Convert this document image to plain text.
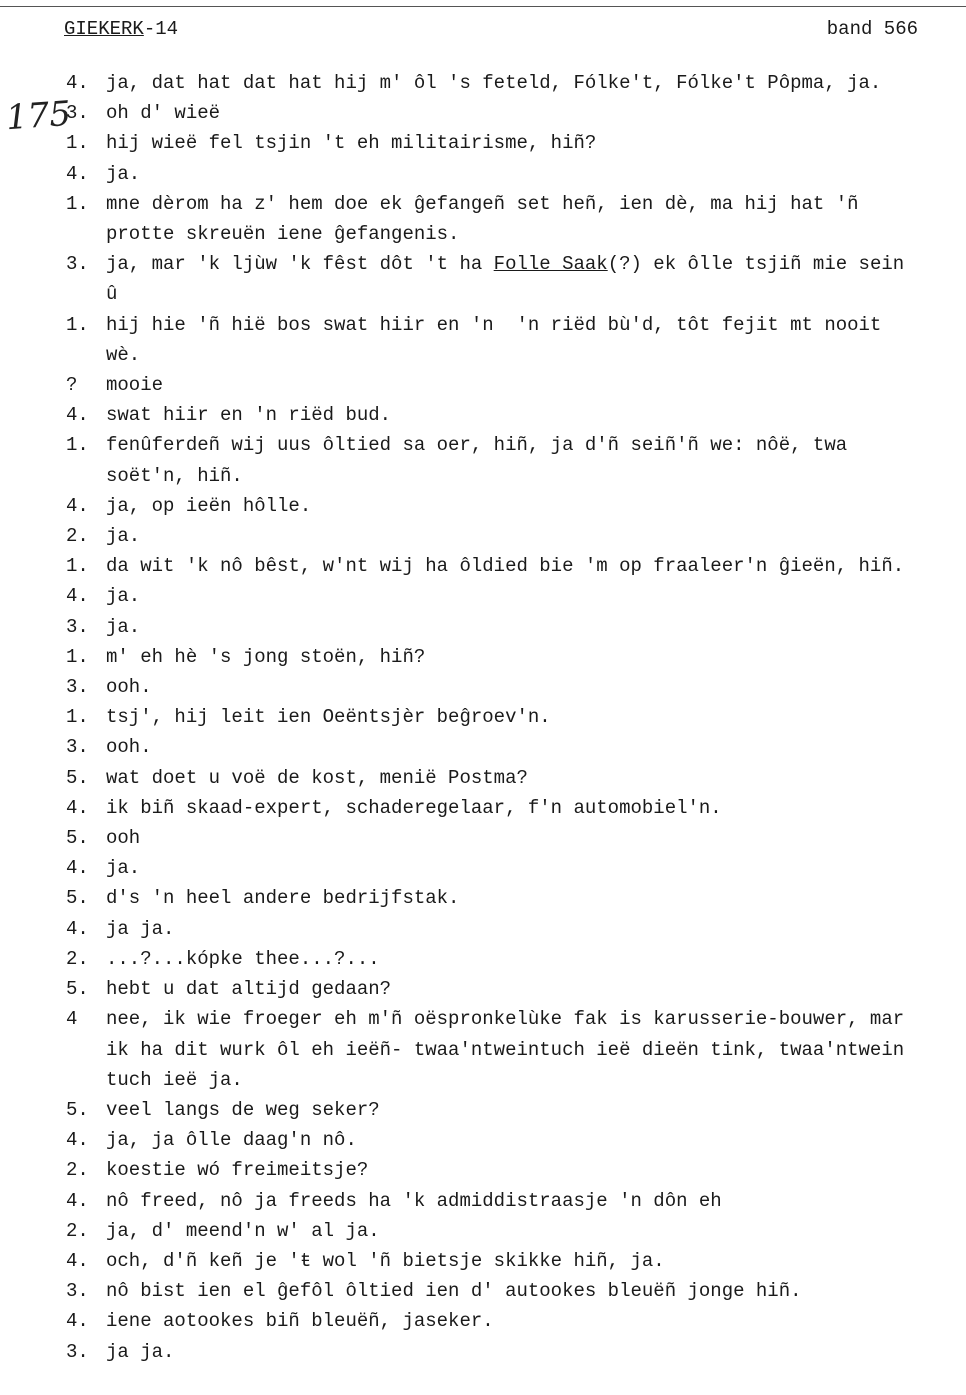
GIEKERK-14	band 566
175
4. ja, dat hat dat hat hij m' ôl 's feteld, Fólke't, Fólke't Pôpma, ja.
3. oh d' wieë
1. hij wieë fel tsjin 't eh militairisme, hiñ?
4. ja.
1. mne dèrom ha z' hem doe ek ĝefangeñ set heñ, ien dè, ma hij hat 'ñ
protte skreuën iene ĝefangenis.
3. ja, mar 'k ljùw 'k fêst dôt 't ha Folle Saak(?) ek ôlle tsjiñ mie sein
û
1. hij hie 'ñ hië bos swat hiir en 'n  'n riëd bù'd, tôt fejit mt nooit
wè.
?	mooie
4. swat hiir en 'n riëd bud.
1. fenûferdeñ wij uus ôltied sa oer, hiñ, ja d'ñ seiñ'ñ we: nôë, twa
soët'n, hiñ.
4. ja, op ieën hôlle.
2. ja.
1. da wit 'k nô bêst, w'nt wij ha ôldied bie 'm op fraaleer'n ĝieën, hiñ.
4. ja.
3. ja.
1. m' eh hè 's jong stoën, hiñ?
3. ooh.
1. tsj', hij leit ien Oeëntsjèr beĝroev'n.
3. ooh.
5. wat doet u voë de kost, menië Postma?
4. ik biñ skaad-expert, schaderegelaar, f'n automobiel'n.
5. ooh
4. ja.
5. d's 'n heel andere bedrijfstak.
4. ja ja.
2. ...?...kópke thee...?...
5. hebt u dat altijd gedaan?
4	nee, ik wie froeger eh m'ñ oëspronkelùke fak is karusserie-bouwer, mar
ik ha dit wurk ôl eh ieëñ- twaa'ntweintuch ieë dieën tink, twaa'ntwein
tuch ieë ja.
5. veel langs de weg seker?
4. ja, ja ôlle daag'n nô.
2. koestie wó freimeitsje?
4. nô freed, nô ja freeds ha 'k admiddistraasje 'n dôn eh
2. ja, d' meend'n w' al ja.
4. och, d'ñ keñ je 'ŧ wol 'ñ bietsje skikke hiñ, ja.
3. nô bist ien el ĝefôl ôltied ien d' autookes bleuëñ jonge hiñ.
4. iene aotookes biñ bleuëñ, jaseker.
3. ja ja.
